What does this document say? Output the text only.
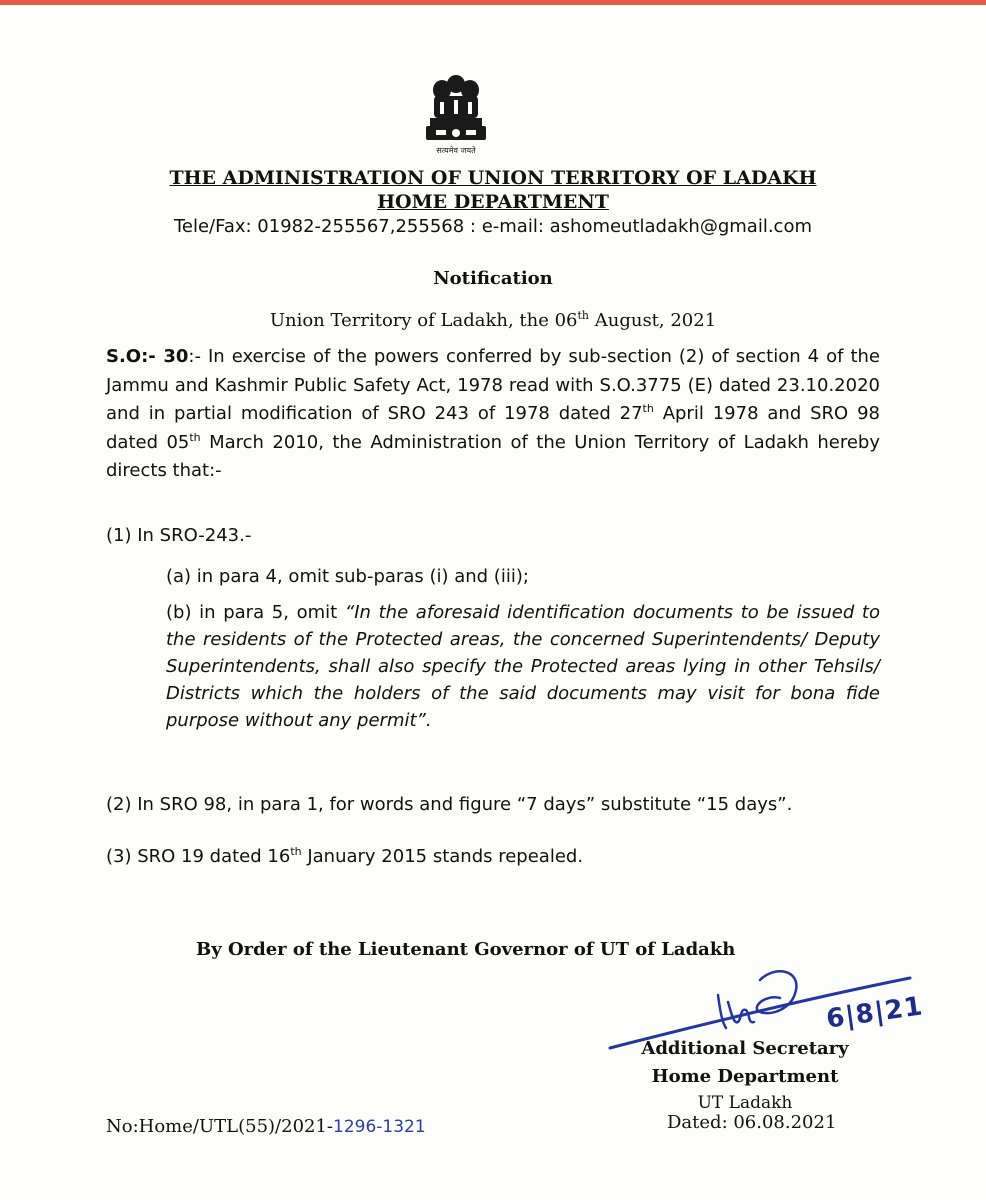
सत्यमेव जयते
THE ADMINISTRATION OF UNION TERRITORY OF LADAKH
HOME DEPARTMENT
Tele/Fax: 01982-255567,255568 : e-mail: ashomeutladakh@gmail.com
Notification
Union Territory of Ladakh, the 06th August, 2021
S.O:- 30:- In exercise of the powers conferred by sub-section (2) of section 4 of the Jammu and Kashmir Public Safety Act, 1978 read with S.O.3775 (E) dated 23.10.2020 and in partial modification of SRO 243 of 1978 dated 27th April 1978 and SRO 98 dated 05th March 2010, the Administration of the Union Territory of Ladakh hereby directs that:-
(1) In SRO-243.-
(a) in para 4, omit sub-paras (i) and (iii);
(b) in para 5, omit “In the aforesaid identification documents to be issued to the residents of the Protected areas, the concerned Superintendents/ Deputy Superintendents, shall also specify the Protected areas lying in other Tehsils/ Districts which the holders of the said documents may visit for bona fide purpose without any permit”.
(2) In SRO 98, in para 1, for words and figure “7 days” substitute “15 days”.
(3) SRO 19 dated 16th January 2015 stands repealed.
By Order of the Lieutenant Governor of UT of Ladakh
6|8|21
Additional Secretary
Home Department
UT Ladakh
No:Home/UTL(55)/2021-1296-1321	Dated: 06.08.2021
